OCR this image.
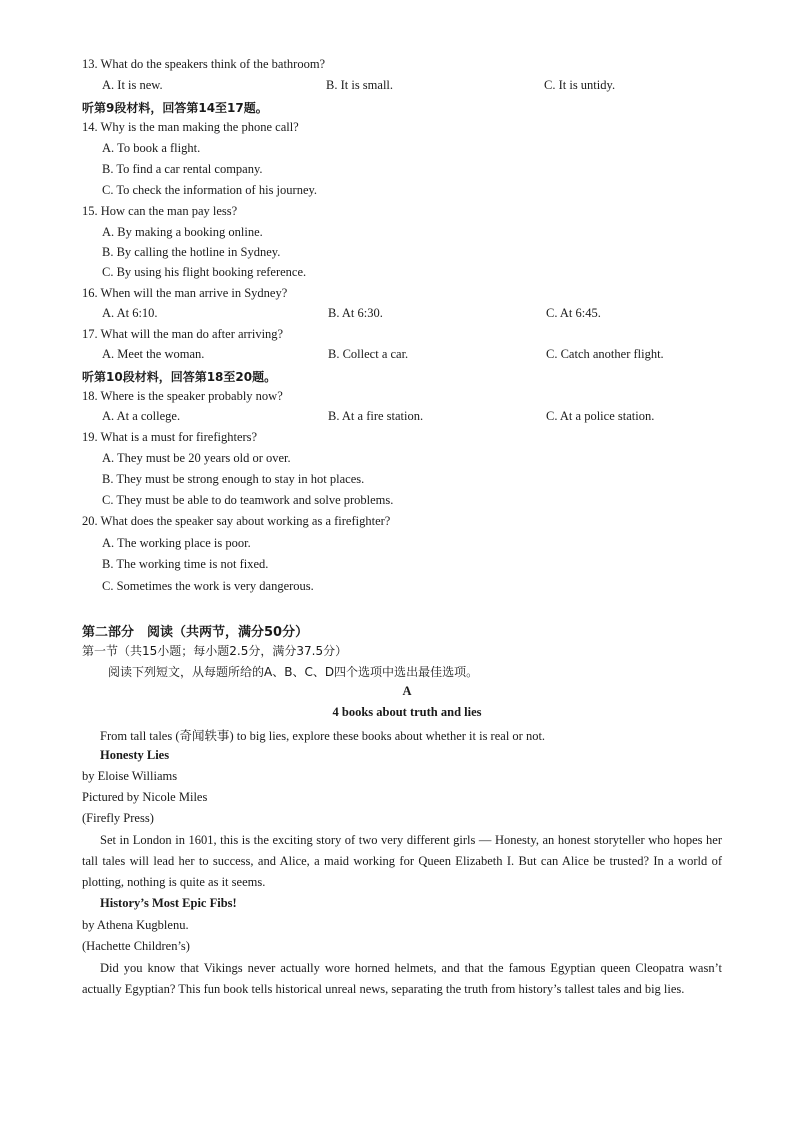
13. What do the speakers think of the bathroom?
A. It is new.	B. It is small.	C. It is untidy.
听第9段材料，回答第14至17题。
14. Why is the man making the phone call?
A. To book a flight.
B. To find a car rental company.
C. To check the information of his journey.
15. How can the man pay less?
A. By making a booking online.
B. By calling the hotline in Sydney.
C. By using his flight booking reference.
16. When will the man arrive in Sydney?
A. At 6:10.	B. At 6:30.	C. At 6:45.
17. What will the man do after arriving?
A. Meet the woman.	B. Collect a car.	C. Catch another flight.
听第10段材料，回答第18至20题。
18. Where is the speaker probably now?
A. At a college.	B. At a fire station.	C. At a police station.
19. What is a must for firefighters?
A. They must be 20 years old or over.
B. They must be strong enough to stay in hot places.
C. They must be able to do teamwork and solve problems.
20. What does the speaker say about working as a firefighter?
A. The working place is poor.
B. The working time is not fixed.
C. Sometimes the work is very dangerous.
第二部分　阅读（共两节，满分50分）
第一节（共15小题；每小题2.5分，满分37.5分）
阅读下列短文，从每题所给的A、B、C、D四个选项中选出最佳选项。
A
4 books about truth and lies
From tall tales (奇闻轶事) to big lies, explore these books about whether it is real or not.
Honesty Lies
by Eloise Williams
Pictured by Nicole Miles
(Firefly Press)
Set in London in 1601, this is the exciting story of two very different girls — Honesty, an honest storyteller who hopes her tall tales will lead her to success, and Alice, a maid working for Queen Elizabeth I. But can Alice be trusted? In a world of plotting, nothing is quite as it seems.
History’s Most Epic Fibs!
by Athena Kugblenu.
(Hachette Children’s)
Did you know that Vikings never actually wore horned helmets, and that the famous Egyptian queen Cleopatra wasn’t actually Egyptian? This fun book tells historical unreal news, separating the truth from history’s tallest tales and big lies.
